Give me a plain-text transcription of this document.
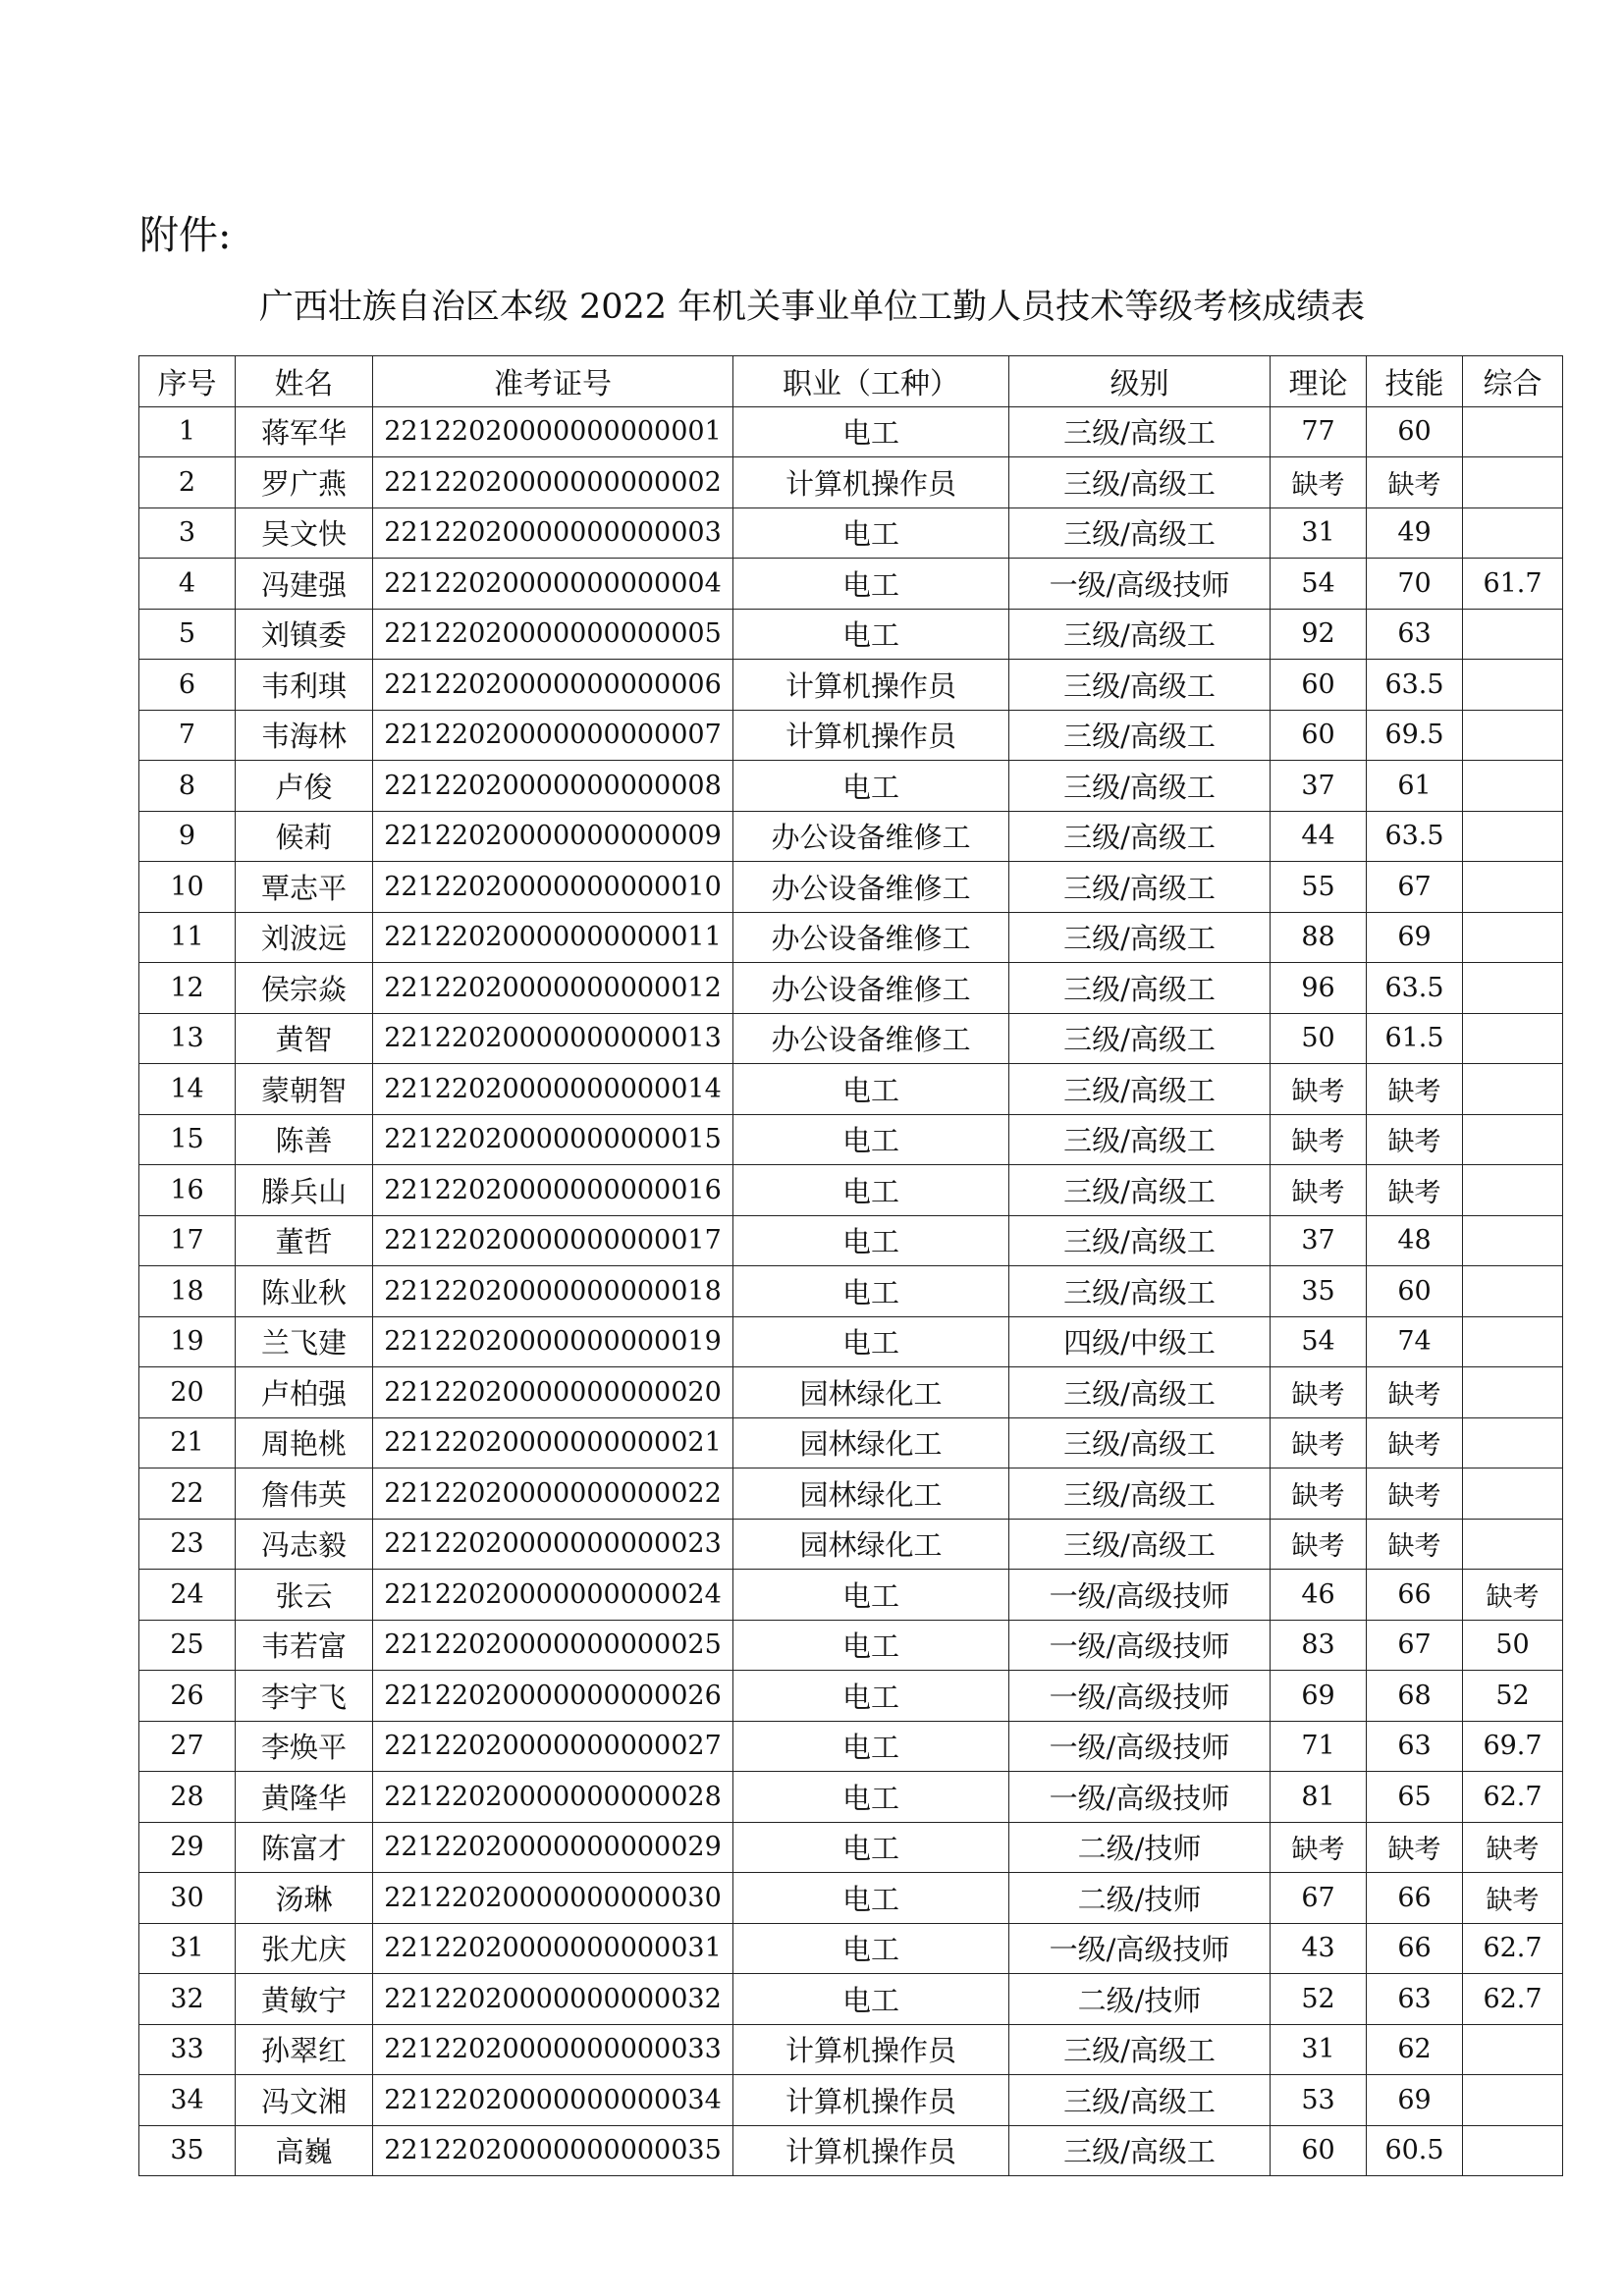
附件:
广西壮族自治区本级 2022 年机关事业单位工勤人员技术等级考核成绩表
序号	姓名	准考证号	职业（工种）	级别	理论	技能	综合
1	蒋军华	22122020000000000001	电工	三级/高级工	77	60	
2	罗广燕	22122020000000000002	计算机操作员	三级/高级工	缺考	缺考	
3	吴文快	22122020000000000003	电工	三级/高级工	31	49	
4	冯建强	22122020000000000004	电工	一级/高级技师	54	70	61.7
5	刘镇委	22122020000000000005	电工	三级/高级工	92	63	
6	韦利琪	22122020000000000006	计算机操作员	三级/高级工	60	63.5	
7	韦海林	22122020000000000007	计算机操作员	三级/高级工	60	69.5	
8	卢俊	22122020000000000008	电工	三级/高级工	37	61	
9	候莉	22122020000000000009	办公设备维修工	三级/高级工	44	63.5	
10	覃志平	22122020000000000010	办公设备维修工	三级/高级工	55	67	
11	刘波远	22122020000000000011	办公设备维修工	三级/高级工	88	69	
12	侯宗焱	22122020000000000012	办公设备维修工	三级/高级工	96	63.5	
13	黄智	22122020000000000013	办公设备维修工	三级/高级工	50	61.5	
14	蒙朝智	22122020000000000014	电工	三级/高级工	缺考	缺考	
15	陈善	22122020000000000015	电工	三级/高级工	缺考	缺考	
16	滕兵山	22122020000000000016	电工	三级/高级工	缺考	缺考	
17	董哲	22122020000000000017	电工	三级/高级工	37	48	
18	陈业秋	22122020000000000018	电工	三级/高级工	35	60	
19	兰飞建	22122020000000000019	电工	四级/中级工	54	74	
20	卢柏强	22122020000000000020	园林绿化工	三级/高级工	缺考	缺考	
21	周艳桃	22122020000000000021	园林绿化工	三级/高级工	缺考	缺考	
22	詹伟英	22122020000000000022	园林绿化工	三级/高级工	缺考	缺考	
23	冯志毅	22122020000000000023	园林绿化工	三级/高级工	缺考	缺考	
24	张云	22122020000000000024	电工	一级/高级技师	46	66	缺考
25	韦若富	22122020000000000025	电工	一级/高级技师	83	67	50
26	李宇飞	22122020000000000026	电工	一级/高级技师	69	68	52
27	李焕平	22122020000000000027	电工	一级/高级技师	71	63	69.7
28	黄隆华	22122020000000000028	电工	一级/高级技师	81	65	62.7
29	陈富才	22122020000000000029	电工	二级/技师	缺考	缺考	缺考
30	汤琳	22122020000000000030	电工	二级/技师	67	66	缺考
31	张尤庆	22122020000000000031	电工	一级/高级技师	43	66	62.7
32	黄敏宁	22122020000000000032	电工	二级/技师	52	63	62.7
33	孙翠红	22122020000000000033	计算机操作员	三级/高级工	31	62	
34	冯文湘	22122020000000000034	计算机操作员	三级/高级工	53	69	
35	高巍	22122020000000000035	计算机操作员	三级/高级工	60	60.5	
